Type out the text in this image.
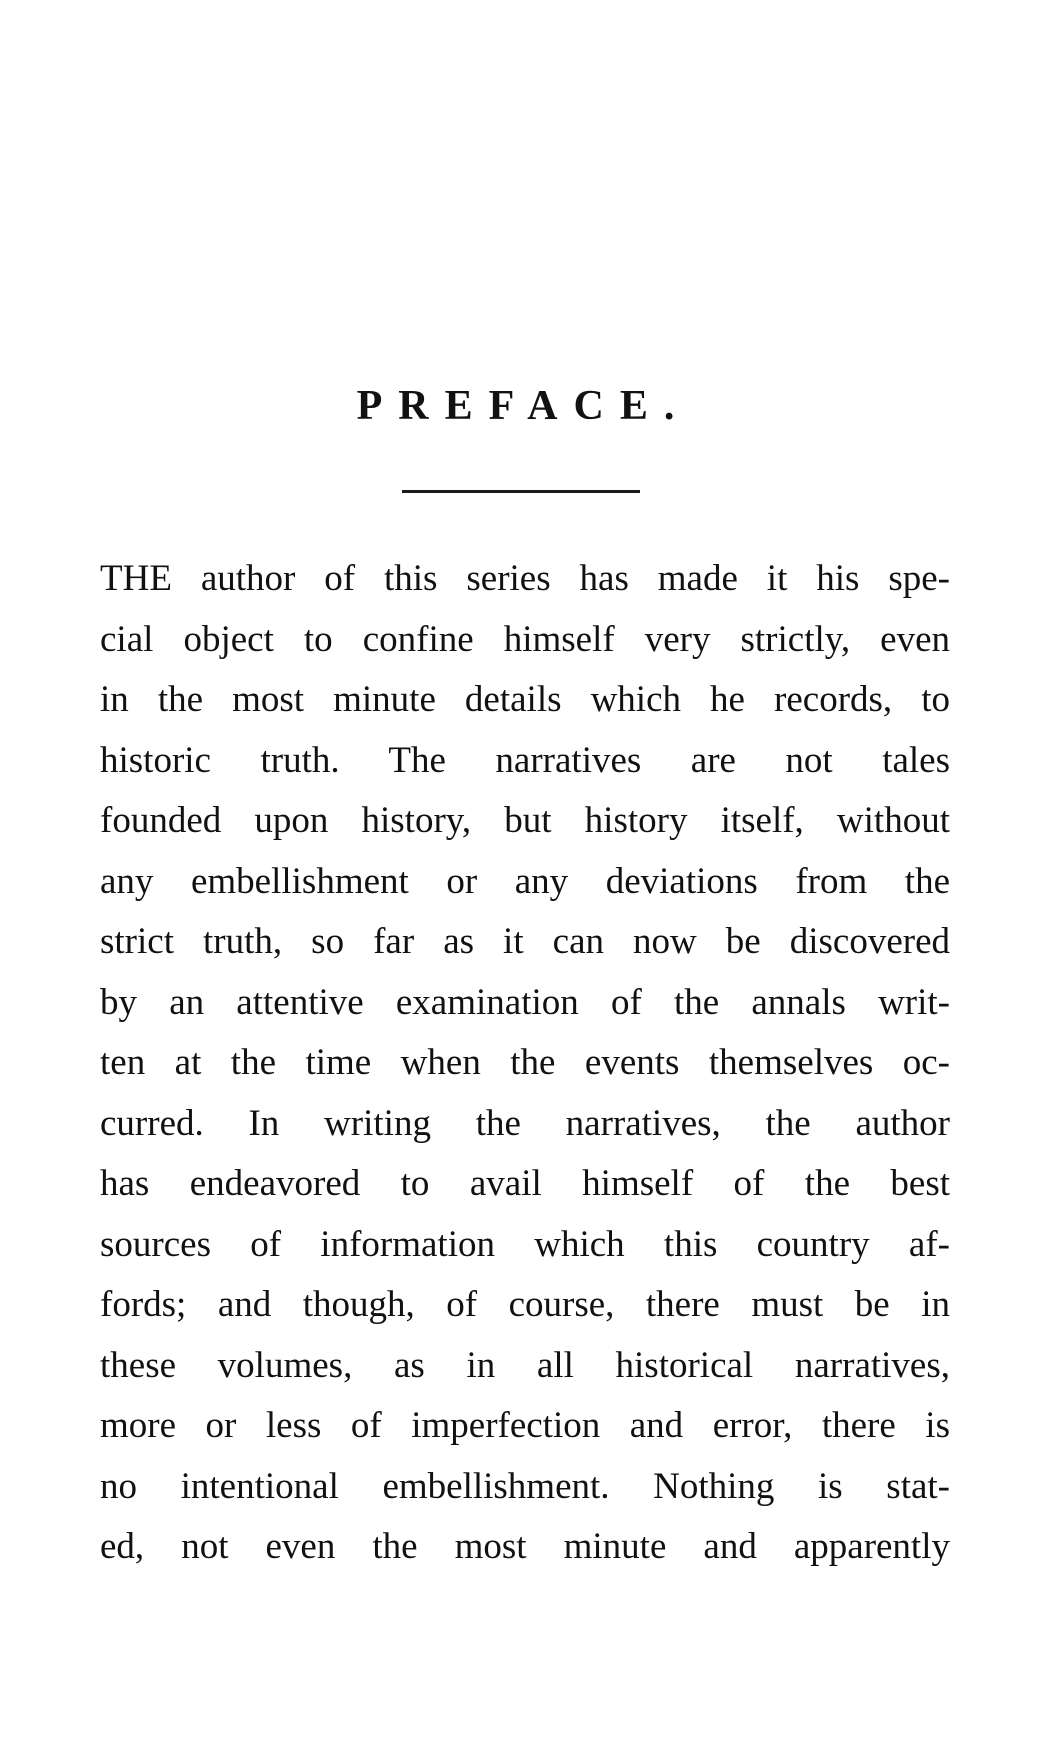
PREFACE.
THE author of this series has made it his spe-
cial object to confine himself very strictly, even
in the most minute details which he records, to
historic truth. The narratives are not tales
founded upon history, but history itself, without
any embellishment or any deviations from the
strict truth, so far as it can now be discovered
by an attentive examination of the annals writ-
ten at the time when the events themselves oc-
curred. In writing the narratives, the author
has endeavored to avail himself of the best
sources of information which this country af-
fords; and though, of course, there must be in
these volumes, as in all historical narratives,
more or less of imperfection and error, there is
no intentional embellishment. Nothing is stat-
ed, not even the most minute and apparently
